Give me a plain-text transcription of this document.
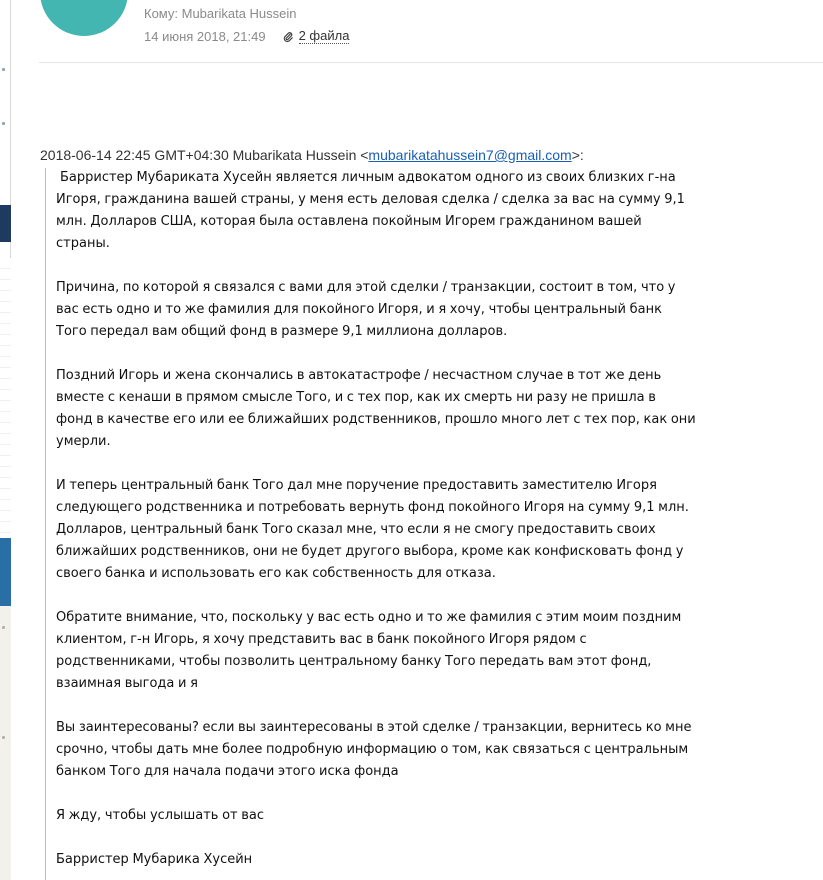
Кому: Mubarikata Hussein
14 июня 2018, 21:49	2 файла
2018-06-14 22:45 GMT+04:30 Mubarikata Hussein <mubarikatahussein7@gmail.com>:

Барристер Мубариката Хусейн является личным адвокатом одного из своих близких г-на Игоря, гражданина вашей страны, у меня есть деловая сделка / сделка за вас на сумму 9,1 млн. Долларов США, которая была оставлена покойным Игорем гражданином вашей страны.

Причина, по которой я связался с вами для этой сделки / транзакции, состоит в том, что у вас есть одно и то же фамилия для покойного Игоря, и я хочу, чтобы центральный банк Того передал вам общий фонд в размере 9,1 миллиона долларов.

Поздний Игорь и жена скончались в автокатастрофе / несчастном случае в тот же день вместе с кенаши в прямом смысле Того, и с тех пор, как их смерть ни разу не пришла в фонд в качестве его или ее ближайших родственников, прошло много лет с тех пор, как они умерли.

И теперь центральный банк Того дал мне поручение предоставить заместителю Игоря следующего родственника и потребовать вернуть фонд покойного Игоря на сумму 9,1 млн. Долларов, центральный банк Того сказал мне, что если я не смогу предоставить своих ближайших родственников, они не будет другого выбора, кроме как конфисковать фонд у своего банка и использовать его как собственность для отказа.

Обратите внимание, что, поскольку у вас есть одно и то же фамилия с этим моим поздним клиентом, г-н Игорь, я хочу представить вас в банк покойного Игоря рядом с родственниками, чтобы позволить центральному банку Того передать вам этот фонд, взаимная выгода и я

Вы заинтересованы? если вы заинтересованы в этой сделке / транзакции, вернитесь ко мне срочно, чтобы дать мне более подробную информацию о том, как связаться с центральным банком Того для начала подачи этого иска фонда

Я жду, чтобы услышать от вас

Барристер Мубарика Хусейн
